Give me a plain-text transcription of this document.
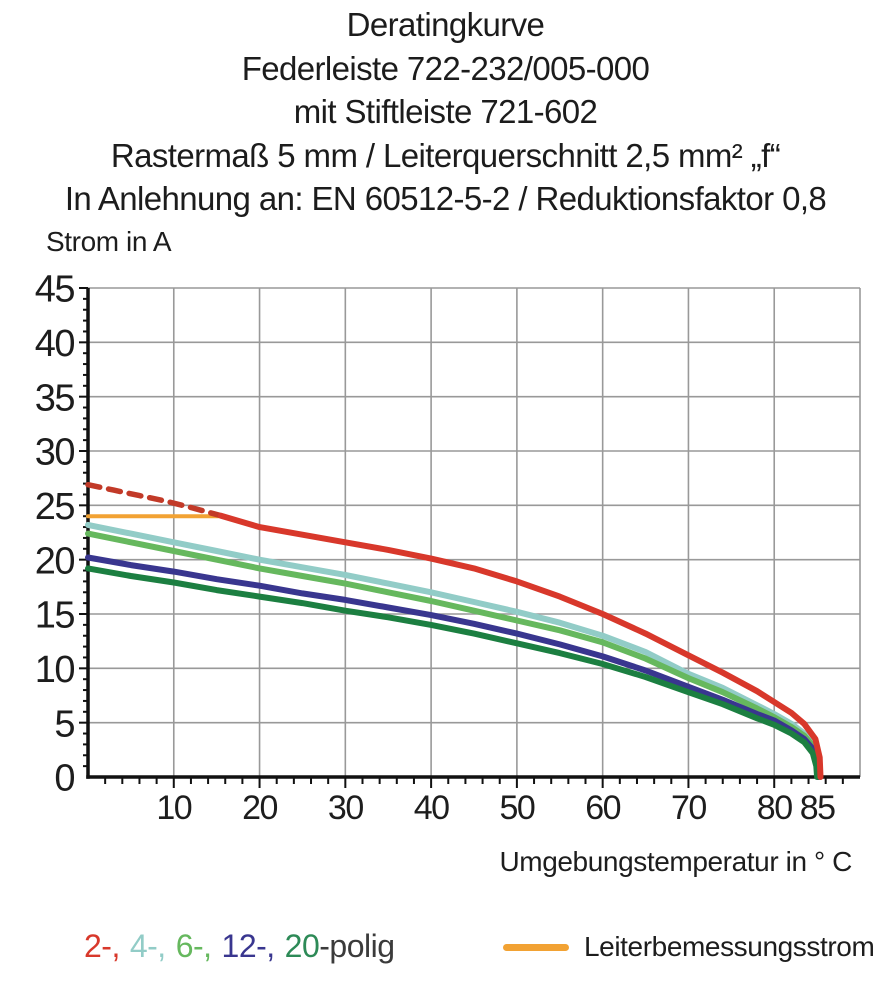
Deratingkurve
Federleiste 722-232/005-000
mit Stiftleiste 721-602
Rastermaß 5 mm / Leiterquerschnitt 2,5 mm² „f“
In Anlehnung an: EN 60512-5-2 / Reduktionsfaktor 0,8
Strom in A
0
5
10
15
20
25
30
35
40
45
10 20 30 40 50 60 70 80 85
Umgebungstemperatur in ° C
2-, 4-, 6-, 12-, 20-polig	Leiterbemessungsstrom
